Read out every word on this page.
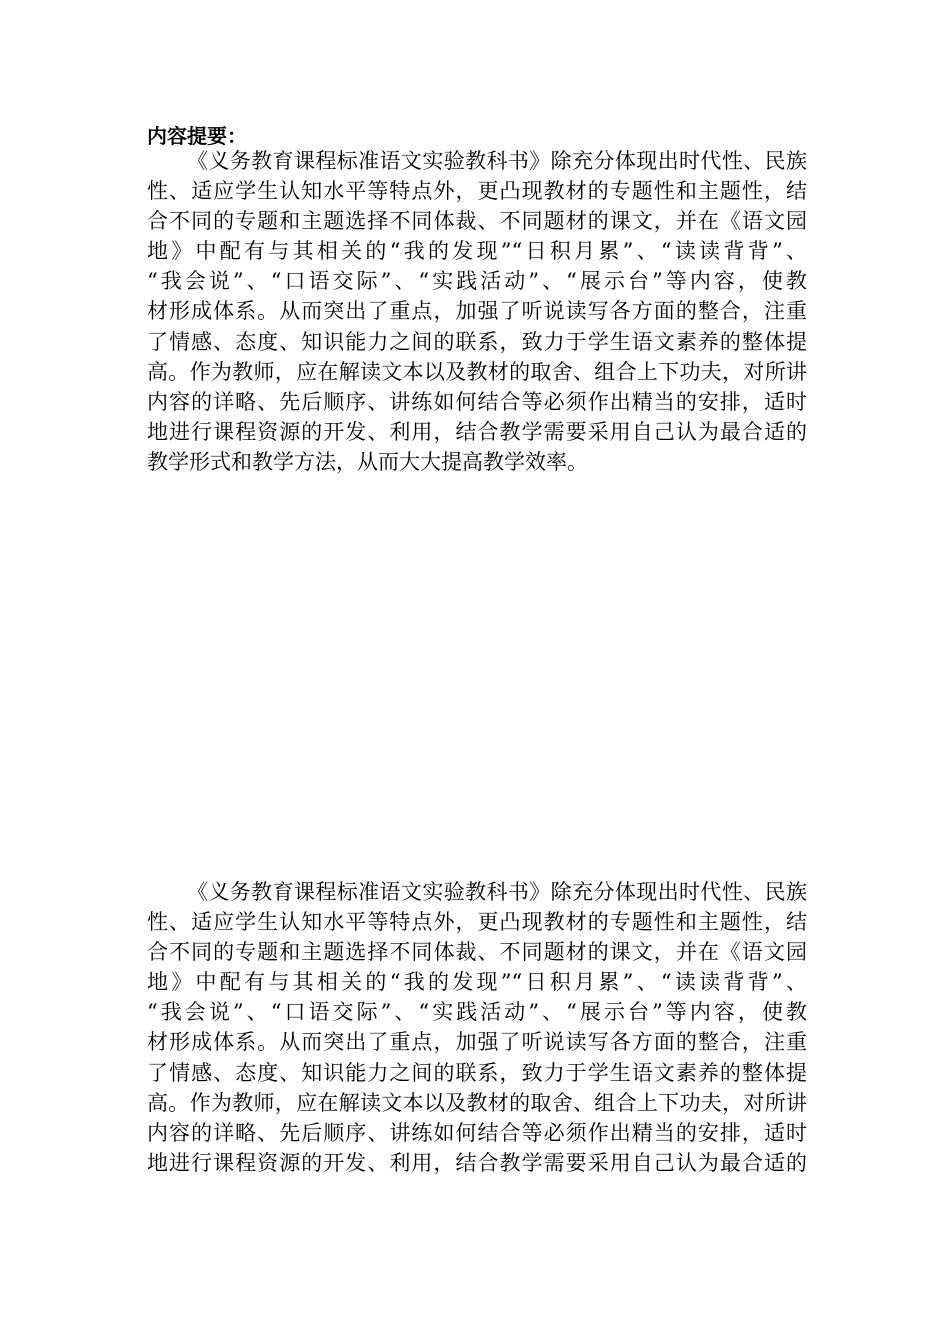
内容提要：
《义务教育课程标准语文实验教科书》除充分体现出时代性、民族
性、适应学生认知水平等特点外，更凸现教材的专题性和主题性，结
合不同的专题和主题选择不同体裁、不同题材的课文，并在《语文园
地》中配有与其相关的“我的发现”“日积月累”、“读读背背”、
“我会说”、“口语交际”、“实践活动”、“展示台”等内容，使教
材形成体系。从而突出了重点，加强了听说读写各方面的整合，注重
了情感、态度、知识能力之间的联系，致力于学生语文素养的整体提
高。作为教师，应在解读文本以及教材的取舍、组合上下功夫，对所讲
内容的详略、先后顺序、讲练如何结合等必须作出精当的安排，适时
地进行课程资源的开发、利用，结合教学需要采用自己认为最合适的
教学形式和教学方法，从而大大提高教学效率。
《义务教育课程标准语文实验教科书》除充分体现出时代性、民族
性、适应学生认知水平等特点外，更凸现教材的专题性和主题性，结
合不同的专题和主题选择不同体裁、不同题材的课文，并在《语文园
地》中配有与其相关的“我的发现”“日积月累”、“读读背背”、
“我会说”、“口语交际”、“实践活动”、“展示台”等内容，使教
材形成体系。从而突出了重点，加强了听说读写各方面的整合，注重
了情感、态度、知识能力之间的联系，致力于学生语文素养的整体提
高。作为教师，应在解读文本以及教材的取舍、组合上下功夫，对所讲
内容的详略、先后顺序、讲练如何结合等必须作出精当的安排，适时
地进行课程资源的开发、利用，结合教学需要采用自己认为最合适的
